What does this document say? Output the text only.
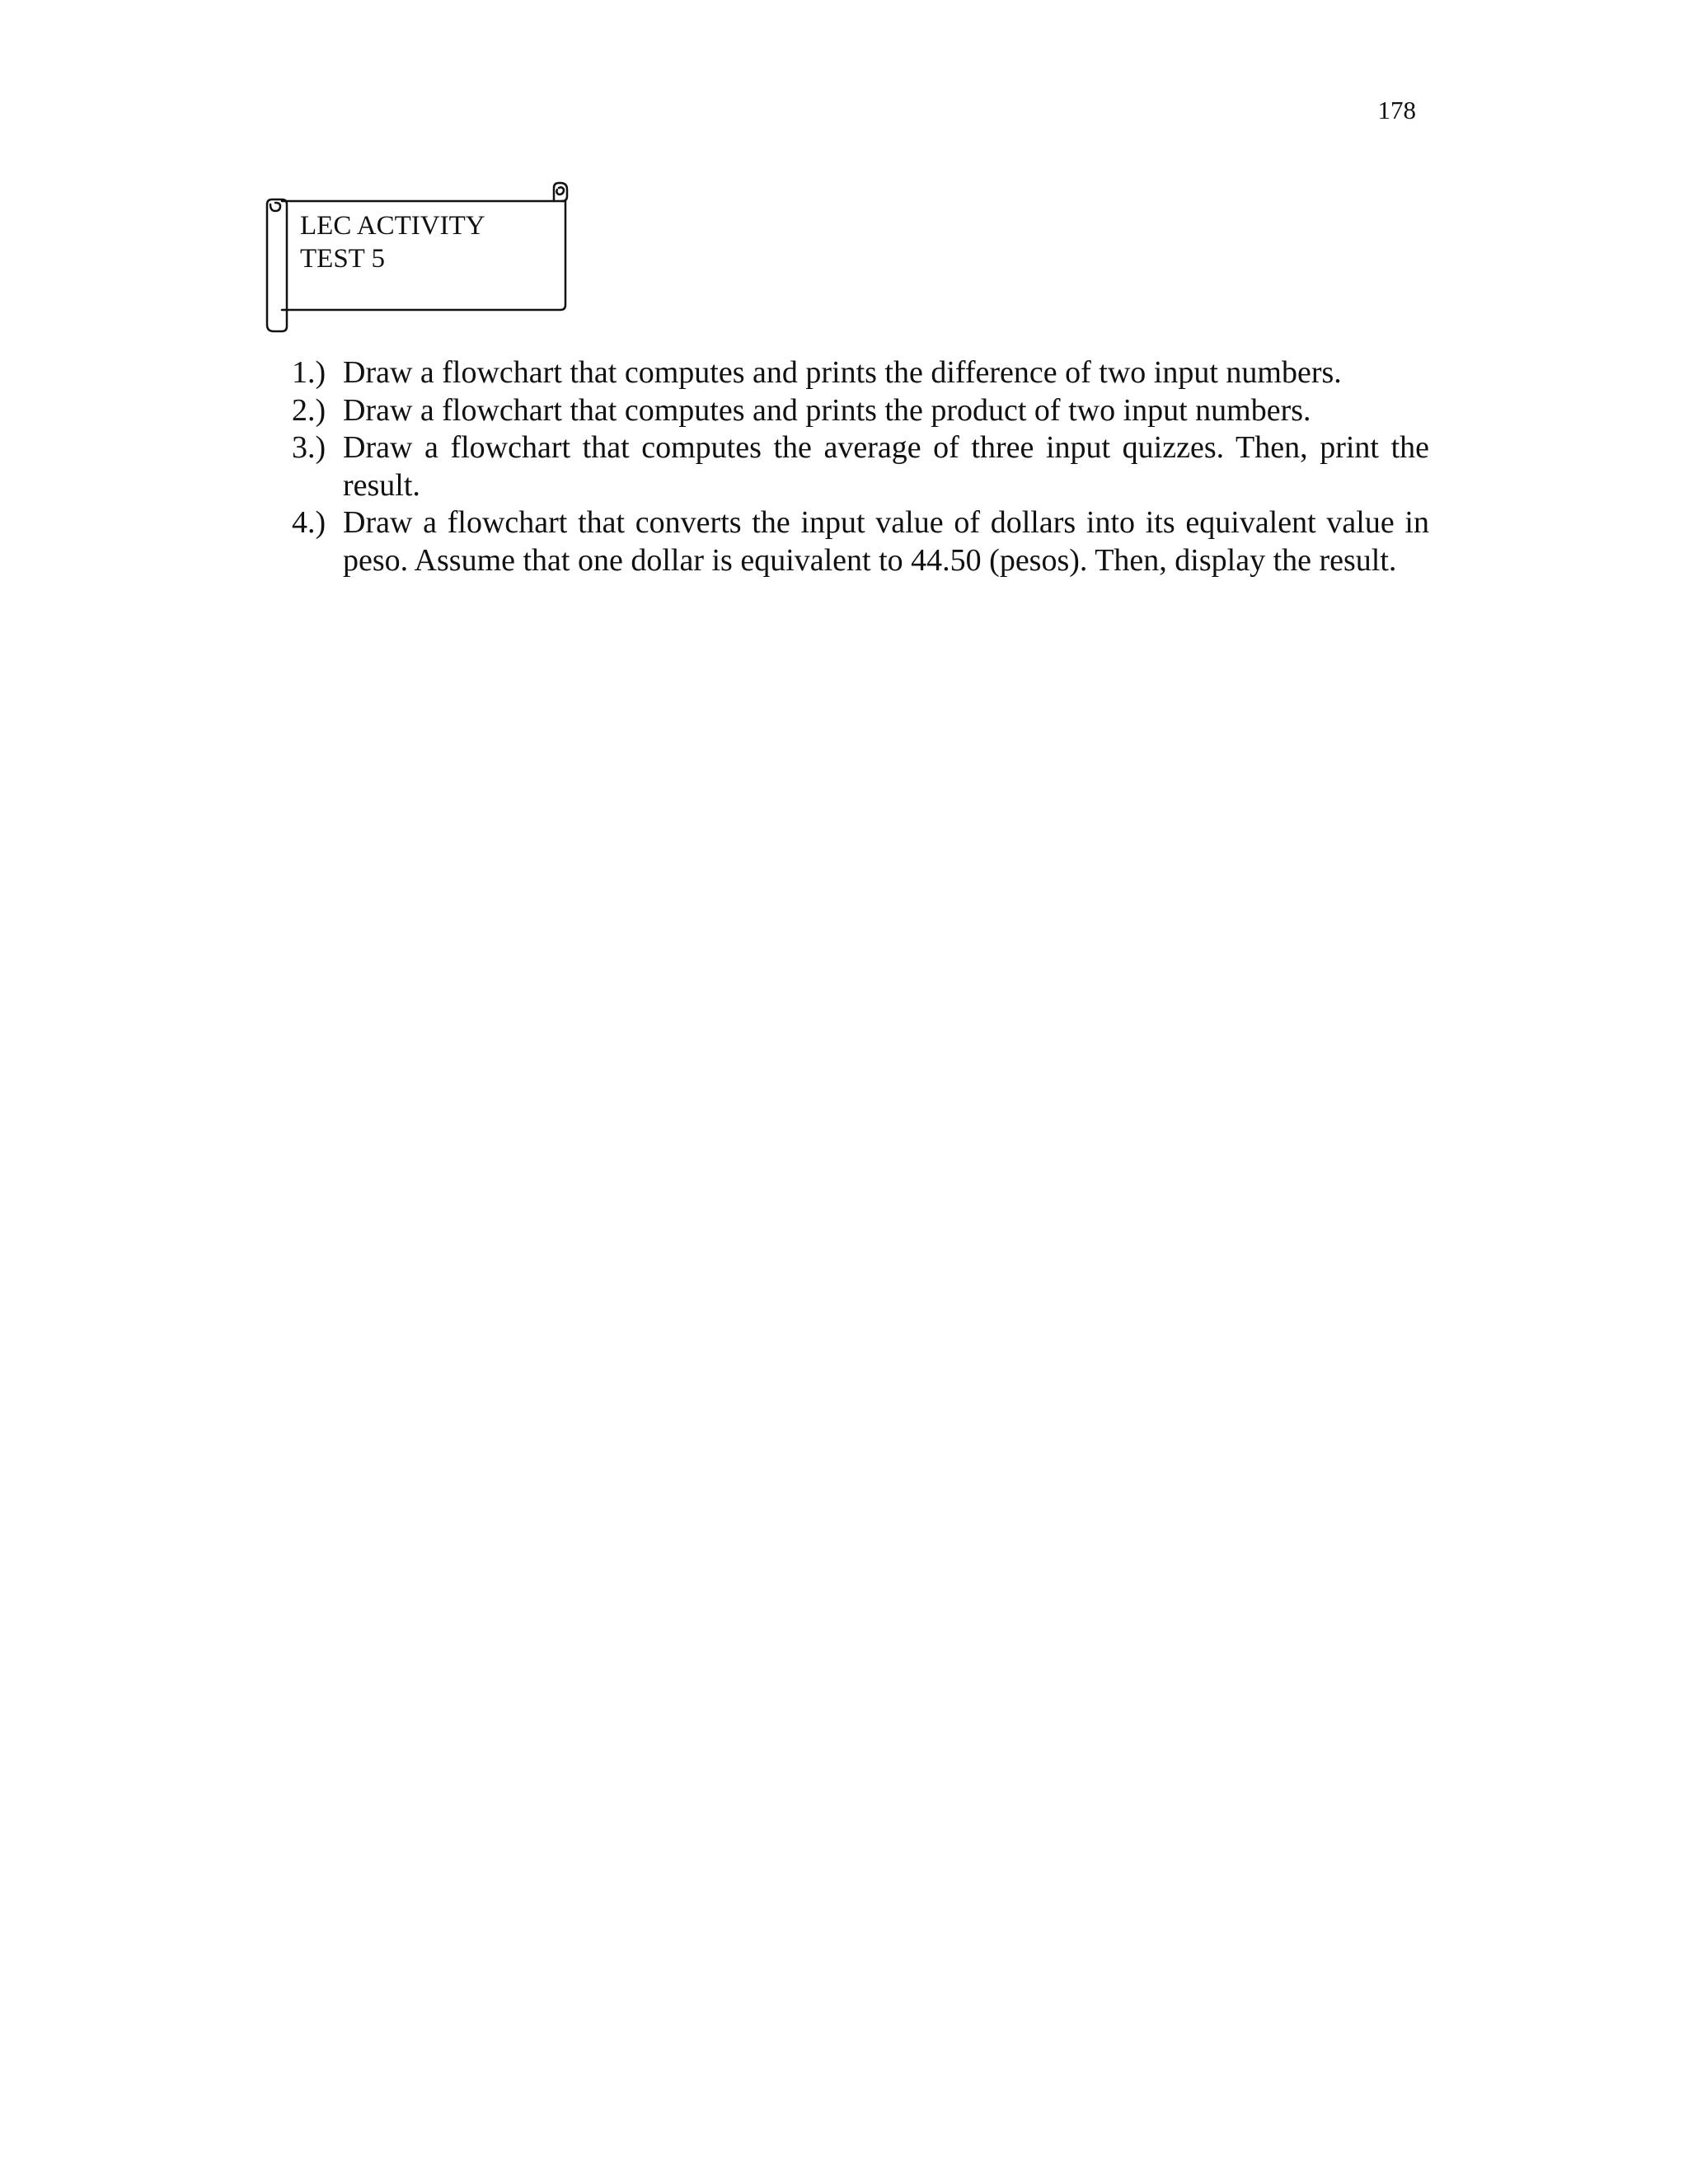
178
LEC ACTIVITY
TEST 5
1.) Draw a flowchart that computes and prints the difference of two input numbers.
2.) Draw a flowchart that computes and prints the product of two input numbers.
3.) Draw a flowchart that computes the average of three input quizzes. Then, print the result.
4.) Draw a flowchart that converts the input value of dollars into its equivalent value in peso. Assume that one dollar is equivalent to 44.50 (pesos). Then, display the result.
